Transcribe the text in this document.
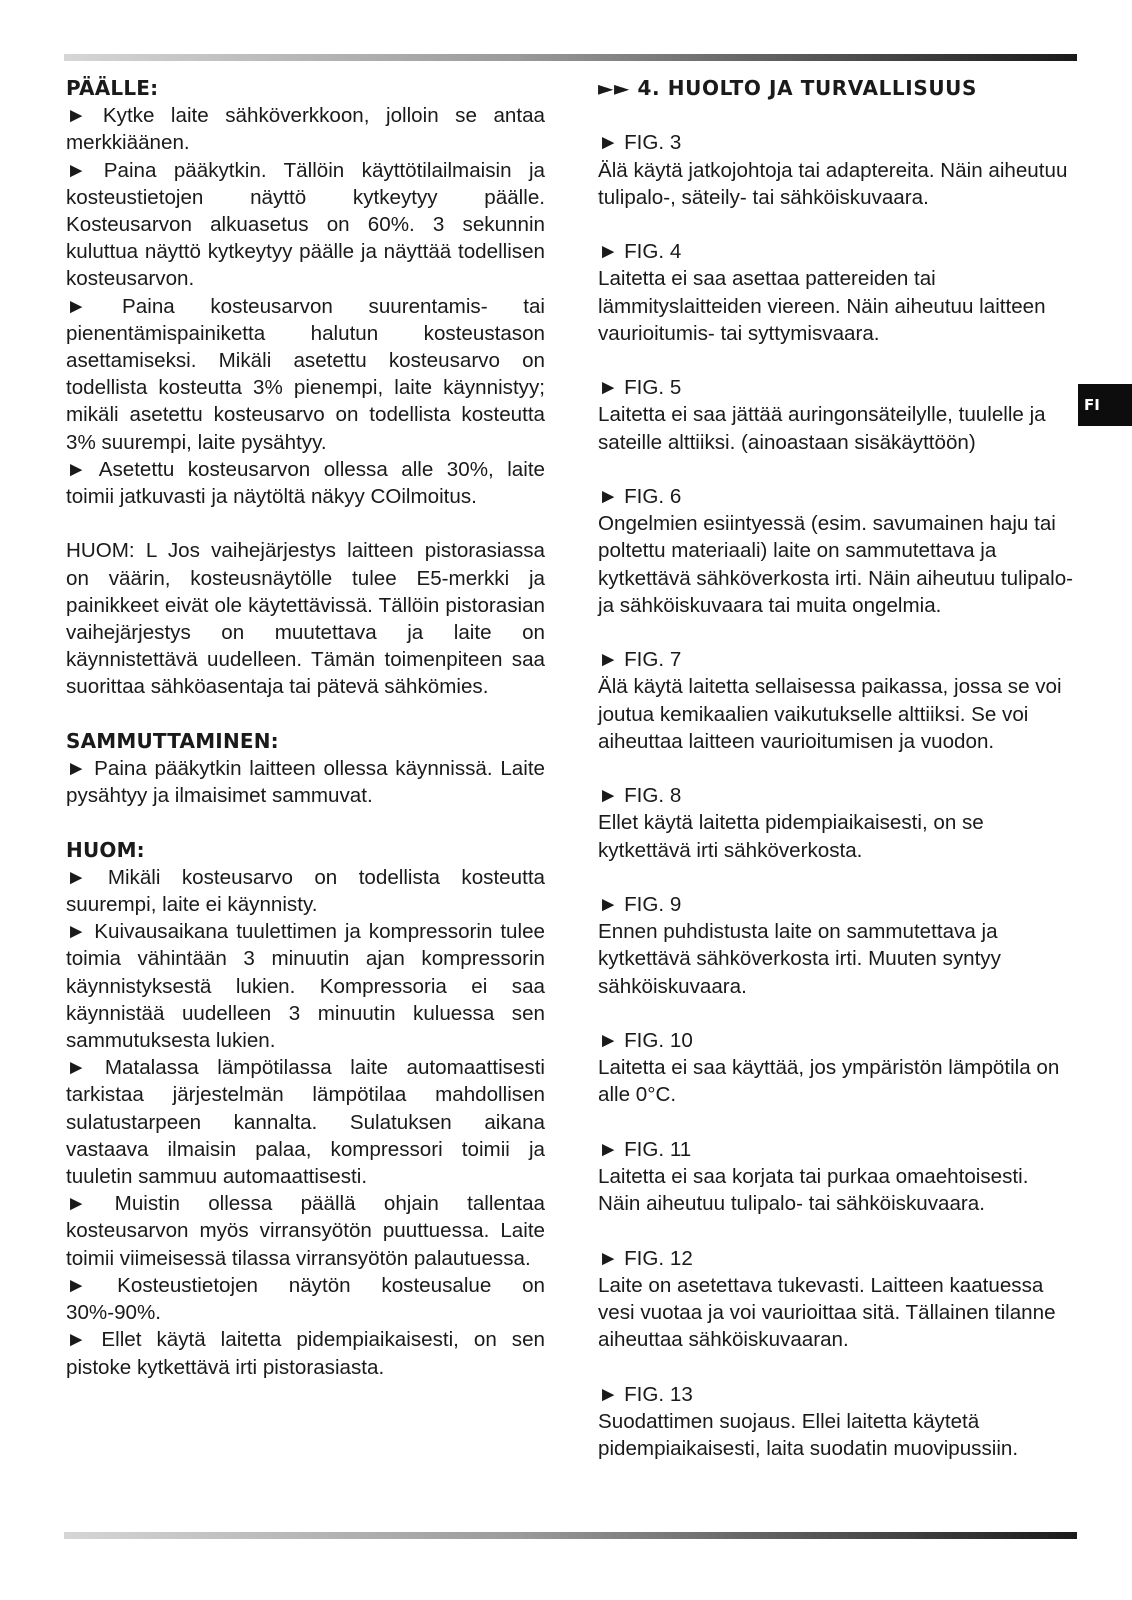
PÄÄLLE:

► Kytke laite sähköverkkoon, jolloin se antaa merkkiäänen.

► Paina pääkytkin. Tällöin käyttötilailmaisin ja kosteustietojen näyttö kytkeytyy päälle. Kosteusarvon alkuasetus on 60%. 3 sekunnin kuluttua näyttö kytkeytyy päälle ja näyttää todellisen kosteusarvon.

► Paina kosteusarvon suurentamis- tai pienentämispainiketta halutun kosteustason asettamiseksi. Mikäli asetettu kosteusarvo on todellista kosteutta 3% pienempi, laite käynnistyy; mikäli asetettu kosteusarvo on todellista kosteutta 3% suurempi, laite pysähtyy.

► Asetettu kosteusarvon ollessa alle 30%, laite toimii jatkuvasti ja näytöltä näkyy COilmoitus.

HUOM: L Jos vaihejärjestys laitteen pistorasiassa on väärin, kosteusnäytölle tulee E5-merkki ja painikkeet eivät ole käytettävissä. Tällöin pistorasian vaihejärjestys on muutettava ja laite on käynnistettävä uudelleen. Tämän toimenpiteen saa suorittaa sähköasentaja tai pätevä sähkömies.

SAMMUTTAMINEN:

► Paina pääkytkin laitteen ollessa käynnissä. Laite pysähtyy ja ilmaisimet sammuvat.

HUOM:

► Mikäli kosteusarvo on todellista kosteutta suurempi, laite ei käynnisty.

► Kuivausaikana tuulettimen ja kompressorin tulee toimia vähintään 3 minuutin ajan kompressorin käynnistyksestä lukien. Kompressoria ei saa käynnistää uudelleen 3 minuutin kuluessa sen sammutuksesta lukien.

► Matalassa lämpötilassa laite automaattisesti tarkistaa järjestelmän lämpötilaa mahdollisen sulatustarpeen kannalta. Sulatuksen aikana vastaava ilmaisin palaa, kompressori toimii ja tuuletin sammuu automaattisesti.

► Muistin ollessa päällä ohjain tallentaa kosteusarvon myös virransyötön puuttuessa. Laite toimii viimeisessä tilassa virransyötön palautuessa.

► Kosteustietojen näytön kosteusalue on 30%-90%.

► Ellet käytä laitetta pidempiaikaisesti, on sen pistoke kytkettävä irti pistorasiasta.

►► 4. HUOLTO JA TURVALLISUUS

► FIG. 3
Älä käytä jatkojohtoja tai adaptereita. Näin aiheutuu tulipalo-, säteily- tai sähköiskuvaara.

► FIG. 4
Laitetta ei saa asettaa pattereiden tai lämmityslaitteiden viereen. Näin aiheutuu laitteen vaurioitumis- tai syttymisvaara.

► FIG. 5
Laitetta ei saa jättää auringonsäteilylle, tuulelle ja sateille alttiiksi. (ainoastaan sisäkäyttöön)

► FIG. 6
Ongelmien esiintyessä (esim. savumainen haju tai poltettu materiaali) laite on sammutettava ja kytkettävä sähköverkosta irti. Näin aiheutuu tulipalo- ja sähköiskuvaara tai muita ongelmia.

► FIG. 7
Älä käytä laitetta sellaisessa paikassa, jossa se voi joutua kemikaalien vaikutukselle alttiiksi. Se voi aiheuttaa laitteen vaurioitumisen ja vuodon.

► FIG. 8
Ellet käytä laitetta pidempiaikaisesti, on se kytkettävä irti sähköverkosta.

► FIG. 9
Ennen puhdistusta laite on sammutettava ja kytkettävä sähköverkosta irti. Muuten syntyy sähköiskuvaara.

► FIG. 10
Laitetta ei saa käyttää, jos ympäristön lämpötila on alle 0°C.

► FIG. 11
Laitetta ei saa korjata tai purkaa omaehtoisesti. Näin aiheutuu tulipalo- tai sähköiskuvaara.

► FIG. 12
Laite on asetettava tukevasti. Laitteen kaatuessa vesi vuotaa ja voi vaurioittaa sitä. Tällainen tilanne aiheuttaa sähköiskuvaaran.

► FIG. 13
Suodattimen suojaus. Ellei laitetta käytetä pidempiaikaisesti, laita suodatin muovipussiin.

FI
